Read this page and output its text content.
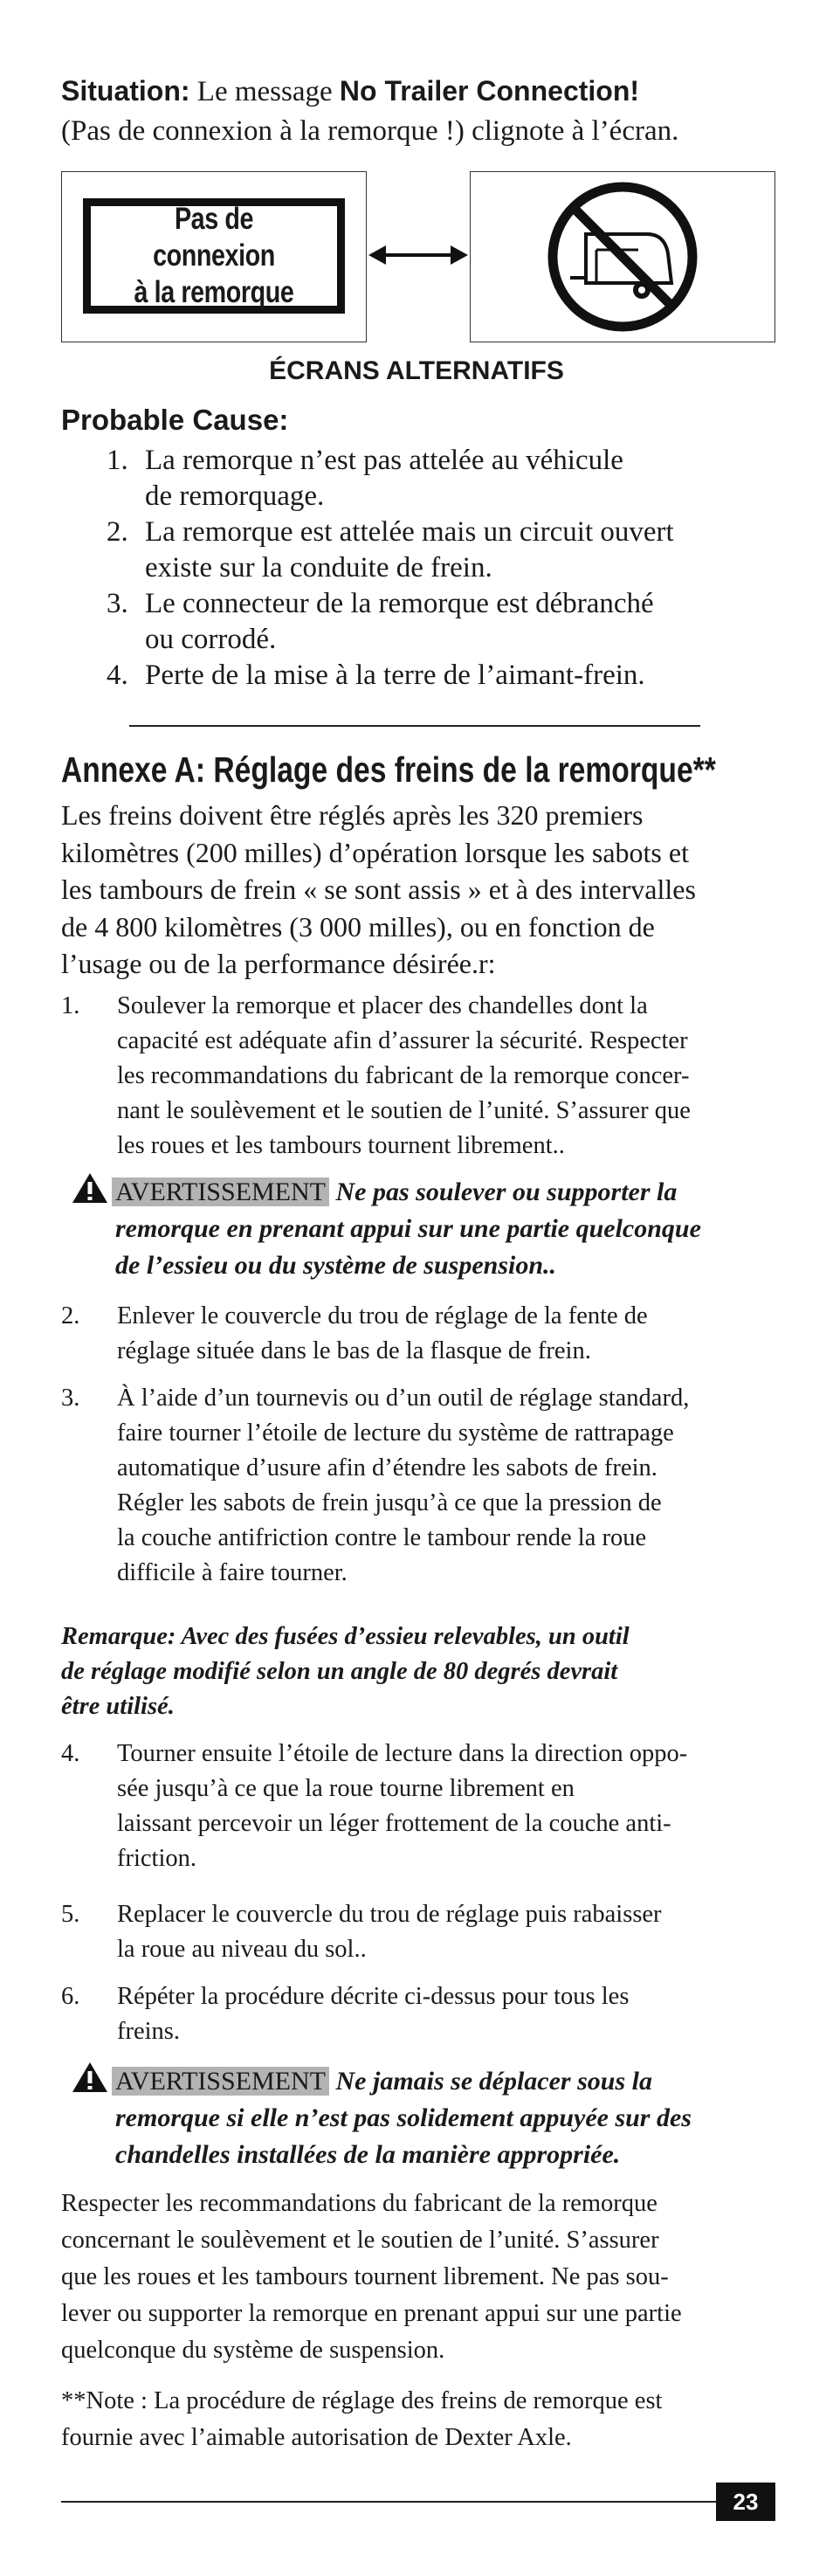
Situation: Le message No Trailer Connection!
(Pas de connexion à la remorque !) clignote à l’écran.
Pas de connexion
à la remorque
ÉCRANS ALTERNATIFS
Probable Cause:
1. La remorque n’est pas attelée au véhicule
de remorquage.
2. La remorque est attelée mais un circuit ouvert
existe sur la conduite de frein.
3. Le connecteur de la remorque est débranché
ou corrodé.
4. Perte de la mise à la terre de l’aimant-frein.
Annexe A: Réglage des freins de la remorque**
Les freins doivent être réglés après les 320 premiers
kilomètres (200 milles) d’opération lorsque les sabots et
les tambours de frein « se sont assis » et à des intervalles
de 4 800 kilomètres (3 000 milles), ou en fonction de
l’usage ou de la performance désirée.r:
1. Soulever la remorque et placer des chandelles dont la
capacité est adéquate afin d’assurer la sécurité. Respecter
les recommandations du fabricant de la remorque concer-
nant le soulèvement et le soutien de l’unité. S’assurer que
les roues et les tambours tournent librement..
AVERTISSEMENT Ne pas soulever ou supporter la
remorque en prenant appui sur une partie quelconque
de l’essieu ou du système de suspension..
2. Enlever le couvercle du trou de réglage de la fente de
réglage située dans le bas de la flasque de frein.
3. À l’aide d’un tournevis ou d’un outil de réglage standard,
faire tourner l’étoile de lecture du système de rattrapage
automatique d’usure afin d’étendre les sabots de frein.
Régler les sabots de frein jusqu’à ce que la pression de
la couche antifriction contre le tambour rende la roue
difficile à faire tourner.
Remarque: Avec des fusées d’essieu relevables, un outil
de réglage modifié selon un angle de 80 degrés devrait
être utilisé.
4. Tourner ensuite l’étoile de lecture dans la direction oppo-
sée jusqu’à ce que la roue tourne librement en
laissant percevoir un léger frottement de la couche anti-
friction.
5. Replacer le couvercle du trou de réglage puis rabaisser
la roue au niveau du sol..
6. Répéter la procédure décrite ci-dessus pour tous les
freins.
AVERTISSEMENT Ne jamais se déplacer sous la
remorque si elle n’est pas solidement appuyée sur des
chandelles installées de la manière appropriée.
Respecter les recommandations du fabricant de la remorque
concernant le soulèvement et le soutien de l’unité. S’assurer
que les roues et les tambours tournent librement. Ne pas sou-
lever ou supporter la remorque en prenant appui sur une partie
quelconque du système de suspension.
**Note : La procédure de réglage des freins de remorque est
fournie avec l’aimable autorisation de Dexter Axle.
23
